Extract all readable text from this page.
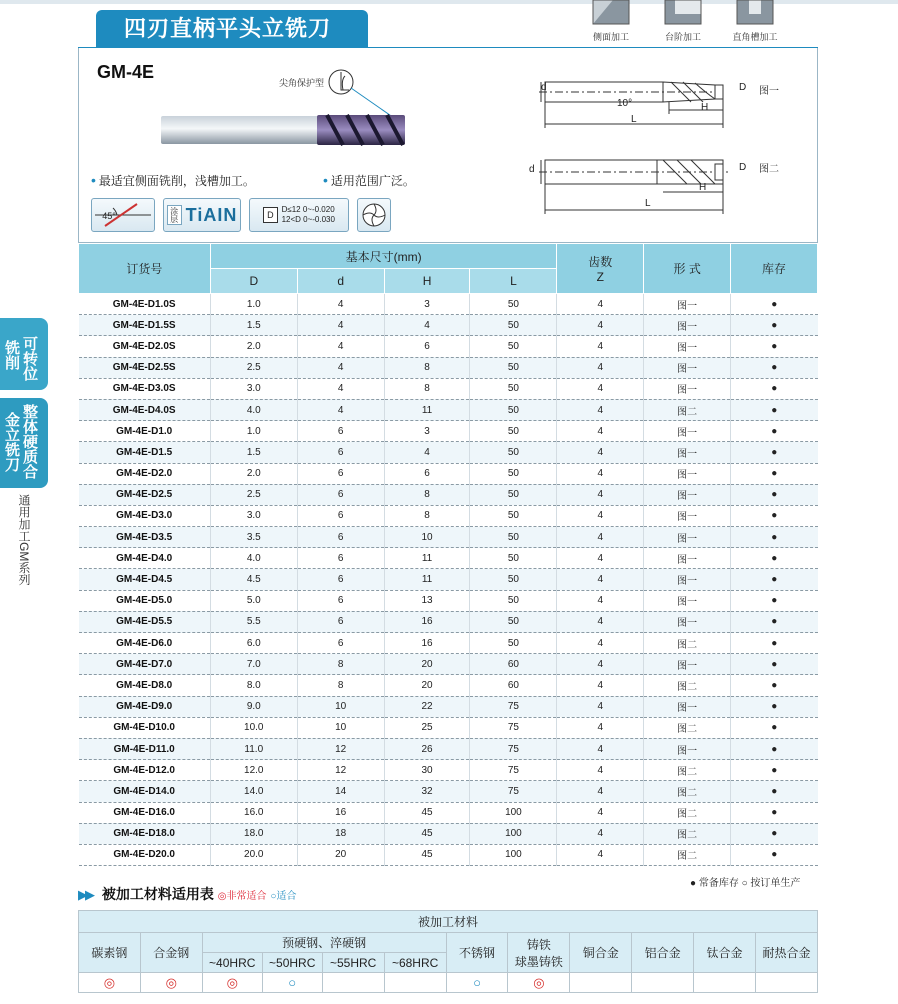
铣削 可转位
金立铣刀 整体硬质合
通用加工GM系列
四刃直柄平头立铣刀	侧面加工	台阶加工	直角槽加工
GM-4E
尖角保护型
• 最适宜侧面铣削，浅槽加工。	• 适用范围广泛。
45°	涂层 TiAIN	D
D≤12 0~-0.020
12<D 0~-0.030
d	D
10°	H
L
图一
d	D
H
L
图二
订货号	基本尺寸(mm)				齿数
Z	形 式	库存
	D	d	H	L			
GM-4E-D1.0S	1.0	4	3	50	4	图一	●
GM-4E-D1.5S	1.5	4	4	50	4	图一	●
GM-4E-D2.0S	2.0	4	6	50	4	图一	●
GM-4E-D2.5S	2.5	4	8	50	4	图一	●
GM-4E-D3.0S	3.0	4	8	50	4	图一	●
GM-4E-D4.0S	4.0	4	11	50	4	图二	●
GM-4E-D1.0	1.0	6	3	50	4	图一	●
GM-4E-D1.5	1.5	6	4	50	4	图一	●
GM-4E-D2.0	2.0	6	6	50	4	图一	●
GM-4E-D2.5	2.5	6	8	50	4	图一	●
GM-4E-D3.0	3.0	6	8	50	4	图一	●
GM-4E-D3.5	3.5	6	10	50	4	图一	●
GM-4E-D4.0	4.0	6	11	50	4	图一	●
GM-4E-D4.5	4.5	6	11	50	4	图一	●
GM-4E-D5.0	5.0	6	13	50	4	图一	●
GM-4E-D5.5	5.5	6	16	50	4	图一	●
GM-4E-D6.0	6.0	6	16	50	4	图二	●
GM-4E-D7.0	7.0	8	20	60	4	图一	●
GM-4E-D8.0	8.0	8	20	60	4	图二	●
GM-4E-D9.0	9.0	10	22	75	4	图一	●
GM-4E-D10.0	10.0	10	25	75	4	图二	●
GM-4E-D11.0	11.0	12	26	75	4	图一	●
GM-4E-D12.0	12.0	12	30	75	4	图二	●
GM-4E-D14.0	14.0	14	32	75	4	图二	●
GM-4E-D16.0	16.0	16	45	100	4	图二	●
GM-4E-D18.0	18.0	18	45	100	4	图二	●
GM-4E-D20.0	20.0	20	45	100	4	图二	●
● 常备库存 ○ 按订单生产
▶▶ 被加工材料适用表 ◎非常适合 ○适合
被加工材料											
碳素钢	合金钢	预硬钢、淬硬钢				不锈钢	铸铁
球墨铸铁	铜合金	铝合金	钛合金	耐热合金
		~40HRC	~50HRC	~55HRC	~68HRC						
◎	◎	◎	○			○	◎				
